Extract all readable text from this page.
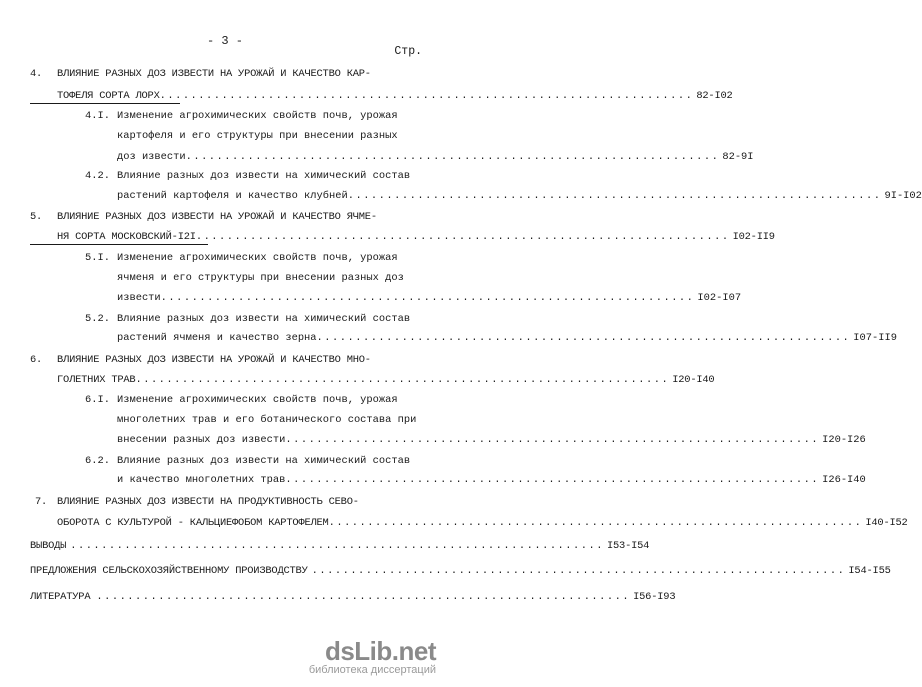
- 3 -
Стр.
4.	ВЛИЯНИЕ РАЗНЫХ ДОЗ ИЗВЕСТИ НА УРОЖАЙ И КАЧЕСТВО КАР-
ТОФЕЛЯ СОРТА ЛОРХ ..................................................................... 82-I02
4.I. Изменение агрохимических свойств почв, урожая
картофеля и его структуры при внесении разных
доз извести ..................................................................... 82-9I
4.2. Влияние разных доз извести на химический состав
растений картофеля и качество клубней ..................................................................... 9I-I02
5.	ВЛИЯНИЕ РАЗНЫХ ДОЗ ИЗВЕСТИ НА УРОЖАЙ И КАЧЕСТВО ЯЧМЕ-
НЯ СОРТА МОСКОВСКИЙ-I2I ..................................................................... I02-II9
5.I. Изменение агрохимических свойств почв, урожая
ячменя и его структуры при внесении разных доз
извести ..................................................................... I02-I07
5.2. Влияние разных доз извести на химический состав
растений ячменя и качество зерна ..................................................................... I07-II9
6.	ВЛИЯНИЕ РАЗНЫХ ДОЗ ИЗВЕСТИ НА УРОЖАЙ И КАЧЕСТВО МНО-
ГОЛЕТНИХ ТРАВ ..................................................................... I20-I40
6.I. Изменение агрохимических свойств почв, урожая
многолетних трав и его ботанического состава при
внесении разных доз извести ..................................................................... I20-I26
6.2. Влияние разных доз извести на химический состав
и качество многолетних трав ..................................................................... I26-I40
7. ВЛИЯНИЕ РАЗНЫХ ДОЗ ИЗВЕСТИ НА ПРОДУКТИВНОСТЬ СЕВО-
ОБОРОТА С КУЛЬТУРОЙ - КАЛЬЦИЕФОБОМ КАРТОФЕЛЕМ ..................................................................... I40-I52
ВЫВОДЫ ..................................................................... I53-I54
ПРЕДЛОЖЕНИЯ СЕЛЬСКОХОЗЯЙСТВЕННОМУ ПРОИЗВОДСТВУ ..................................................................... I54-I55
ЛИТЕРАТУРА ..................................................................... I56-I93
dsLib.net
библиотека диссертаций
